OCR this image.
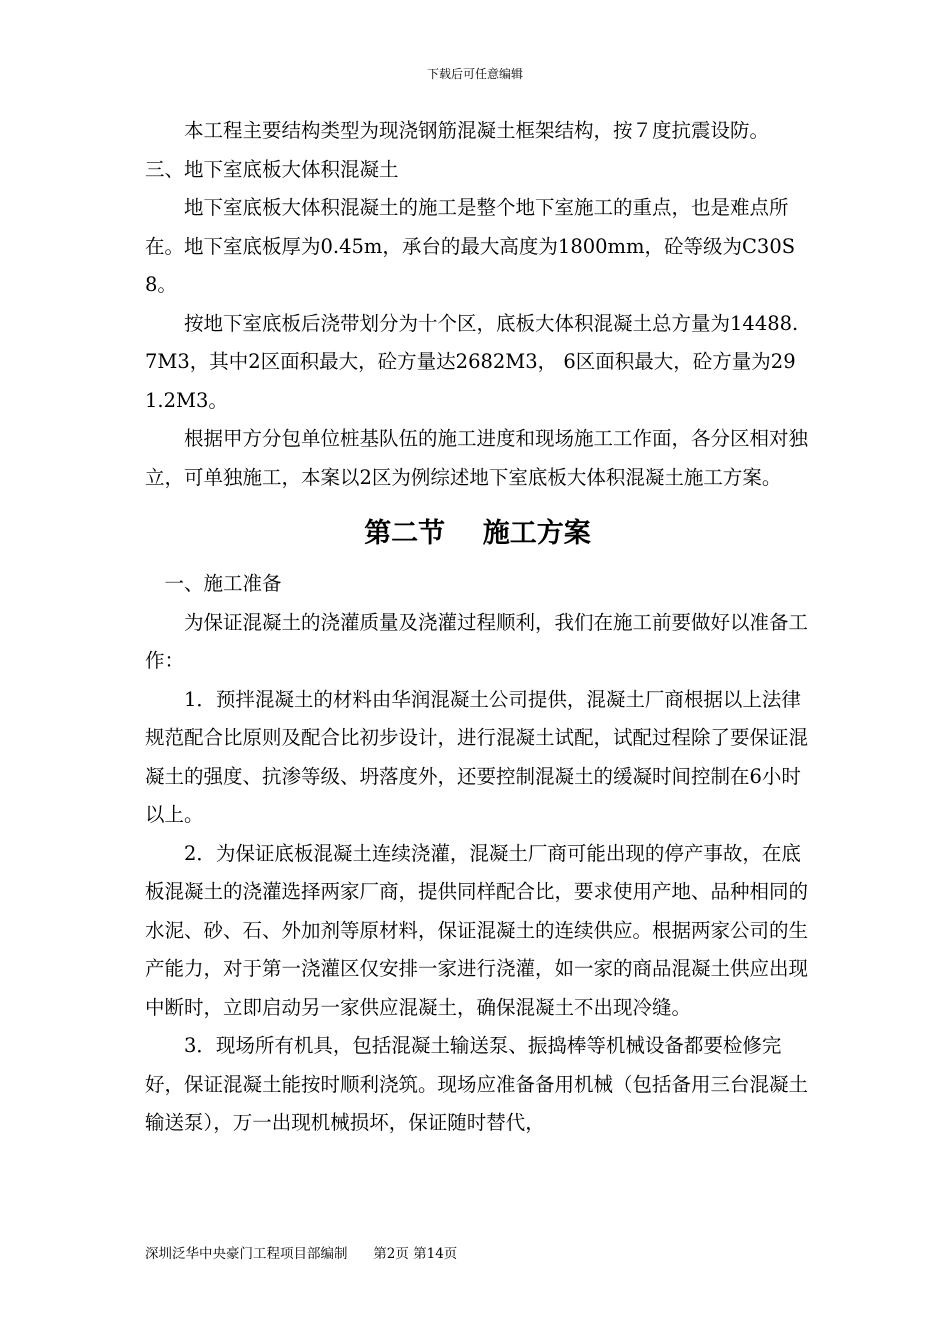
下载后可任意编辑

本工程主要结构类型为现浇钢筋混凝土框架结构，按７度抗震设防。

三、地下室底板大体积混凝土

地下室底板大体积混凝土的施工是整个地下室施工的重点，也是难点所在。地下室底板厚为0.45m，承台的最大高度为1800mm，砼等级为C30S8。

按地下室底板后浇带划分为十个区，底板大体积混凝土总方量为14488.7M3，其中2区面积最大，砼方量达2682M3， 6区面积最大，砼方量为291.2M3。

根据甲方分包单位桩基队伍的施工进度和现场施工工作面，各分区相对独立，可单独施工，本案以2区为例综述地下室底板大体积混凝土施工方案。

第二节    施工方案

一、施工准备

为保证混凝土的浇灌质量及浇灌过程顺利，我们在施工前要做好以准备工作：

1．预拌混凝土的材料由华润混凝土公司提供，混凝土厂商根据以上法律规范配合比原则及配合比初步设计，进行混凝土试配，试配过程除了要保证混凝土的强度、抗渗等级、坍落度外，还要控制混凝土的缓凝时间控制在6小时以上。

2．为保证底板混凝土连续浇灌，混凝土厂商可能出现的停产事故，在底板混凝土的浇灌选择两家厂商，提供同样配合比，要求使用产地、品种相同的水泥、砂、石、外加剂等原材料，保证混凝土的连续供应。根据两家公司的生产能力，对于第一浇灌区仅安排一家进行浇灌，如一家的商品混凝土供应出现中断时，立即启动另一家供应混凝土，确保混凝土不出现冷缝。

3．现场所有机具，包括混凝土输送泵、振捣棒等机械设备都要检修完好，保证混凝土能按时顺利浇筑。现场应准备备用机械（包括备用三台混凝土输送泵），万一出现机械损坏，保证随时替代，

深圳泛华中央豪门工程项目部编制      第2页 第14页
